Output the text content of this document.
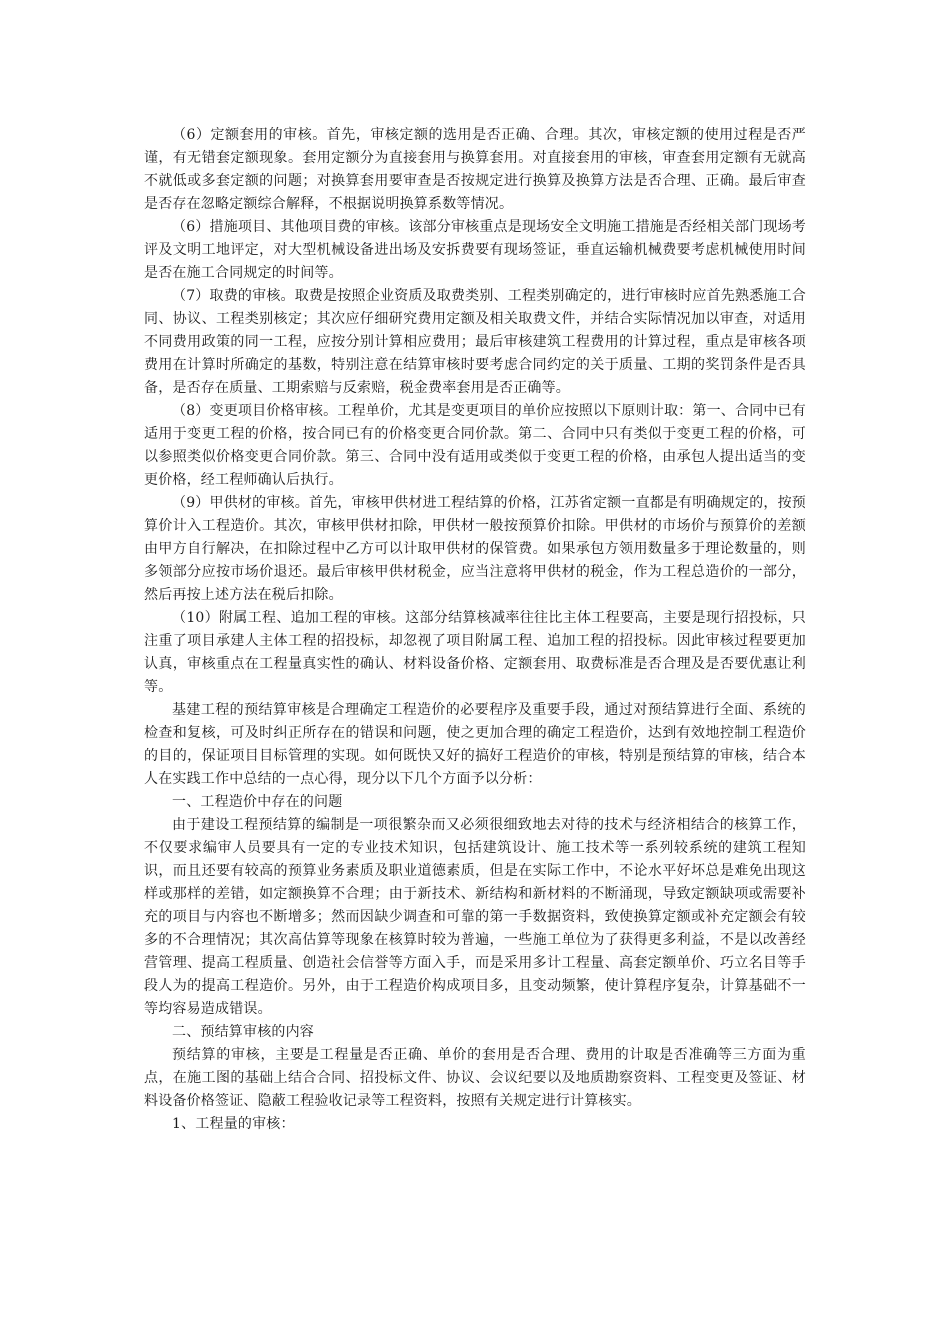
（6）定额套用的审核。首先，审核定额的选用是否正确、合理。其次，审核定额的使用过程是否严谨，有无错套定额现象。套用定额分为直接套用与换算套用。对直接套用的审核，审查套用定额有无就高不就低或多套定额的问题；对换算套用要审查是否按规定进行换算及换算方法是否合理、正确。最后审查是否存在忽略定额综合解释，不根据说明换算系数等情况。

（6）措施项目、其他项目费的审核。该部分审核重点是现场安全文明施工措施是否经相关部门现场考评及文明工地评定，对大型机械设备进出场及安拆费要有现场签证，垂直运输机械费要考虑机械使用时间是否在施工合同规定的时间等。

（7）取费的审核。取费是按照企业资质及取费类别、工程类别确定的，进行审核时应首先熟悉施工合同、协议、工程类别核定；其次应仔细研究费用定额及相关取费文件，并结合实际情况加以审查，对适用不同费用政策的同一工程，应按分别计算相应费用；最后审核建筑工程费用的计算过程，重点是审核各项费用在计算时所确定的基数，特别注意在结算审核时要考虑合同约定的关于质量、工期的奖罚条件是否具备，是否存在质量、工期索赔与反索赔，税金费率套用是否正确等。

（8）变更项目价格审核。工程单价，尤其是变更项目的单价应按照以下原则计取：第一、合同中已有适用于变更工程的价格，按合同已有的价格变更合同价款。第二、合同中只有类似于变更工程的价格，可以参照类似价格变更合同价款。第三、合同中没有适用或类似于变更工程的价格，由承包人提出适当的变更价格，经工程师确认后执行。

（9）甲供材的审核。首先，审核甲供材进工程结算的价格，江苏省定额一直都是有明确规定的，按预算价计入工程造价。其次，审核甲供材扣除，甲供材一般按预算价扣除。甲供材的市场价与预算价的差额由甲方自行解决，在扣除过程中乙方可以计取甲供材的保管费。如果承包方领用数量多于理论数量的，则多领部分应按市场价退还。最后审核甲供材税金，应当注意将甲供材的税金，作为工程总造价的一部分，然后再按上述方法在税后扣除。

（10）附属工程、追加工程的审核。这部分结算核减率往往比主体工程要高，主要是现行招投标，只注重了项目承建人主体工程的招投标，却忽视了项目附属工程、追加工程的招投标。因此审核过程要更加认真，审核重点在工程量真实性的确认、材料设备价格、定额套用、取费标准是否合理及是否要优惠让利等。

基建工程的预结算审核是合理确定工程造价的必要程序及重要手段，通过对预结算进行全面、系统的检查和复核，可及时纠正所存在的错误和问题，使之更加合理的确定工程造价，达到有效地控制工程造价的目的，保证项目目标管理的实现。如何既快又好的搞好工程造价的审核，特别是预结算的审核，结合本人在实践工作中总结的一点心得，现分以下几个方面予以分析：

一、工程造价中存在的问题

由于建设工程预结算的编制是一项很繁杂而又必须很细致地去对待的技术与经济相结合的核算工作，不仅要求编审人员要具有一定的专业技术知识，包括建筑设计、施工技术等一系列较系统的建筑工程知识，而且还要有较高的预算业务素质及职业道德素质，但是在实际工作中，不论水平好坏总是难免出现这样或那样的差错，如定额换算不合理；由于新技术、新结构和新材料的不断涌现，导致定额缺项或需要补充的项目与内容也不断增多；然而因缺少调查和可靠的第一手数据资料，致使换算定额或补充定额会有较多的不合理情况；其次高估算等现象在核算时较为普遍，一些施工单位为了获得更多利益，不是以改善经营管理、提高工程质量、创造社会信誉等方面入手，而是采用多计工程量、高套定额单价、巧立名目等手段人为的提高工程造价。另外，由于工程造价构成项目多，且变动频繁，使计算程序复杂，计算基础不一等均容易造成错误。

二、预结算审核的内容

预结算的审核，主要是工程量是否正确、单价的套用是否合理、费用的计取是否准确等三方面为重点，在施工图的基础上结合合同、招投标文件、协议、会议纪要以及地质勘察资料、工程变更及签证、材料设备价格签证、隐蔽工程验收记录等工程资料，按照有关规定进行计算核实。

1、工程量的审核：
